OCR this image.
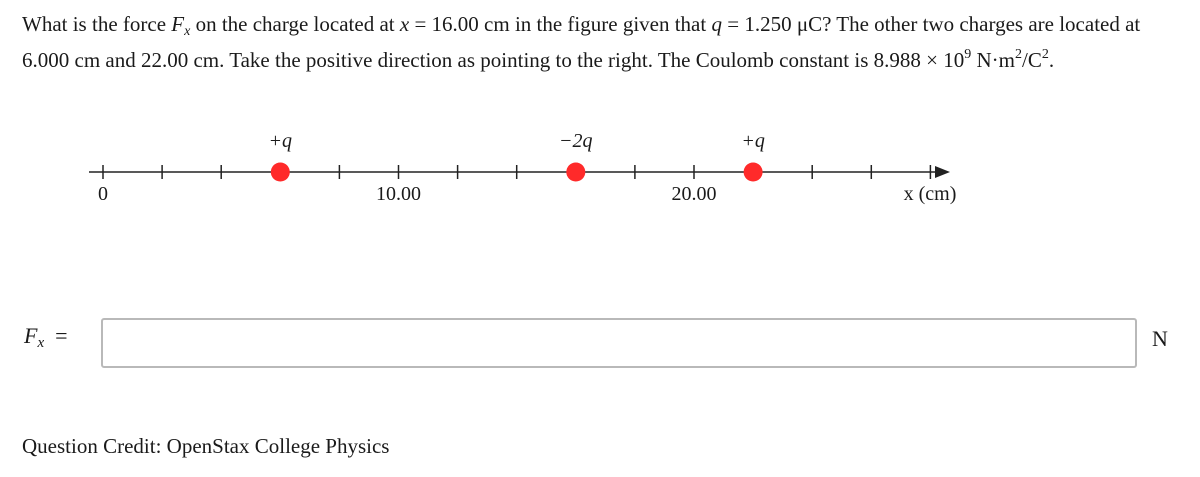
What is the force $F_x$ on the charge located at x = 16.00 cm in the figure given that q = 1.250 μC? The other two charges are located at 6.000 cm and 22.00 cm. Take the positive direction as pointing to the right. The Coulomb constant is $8.988 \times 10^9$ $N\cdot m^2/C^2$.

+q	−2q	+q
0	10.00	20.00	x (cm)
$F_x$ =	N
Question Credit: OpenStax College Physics
